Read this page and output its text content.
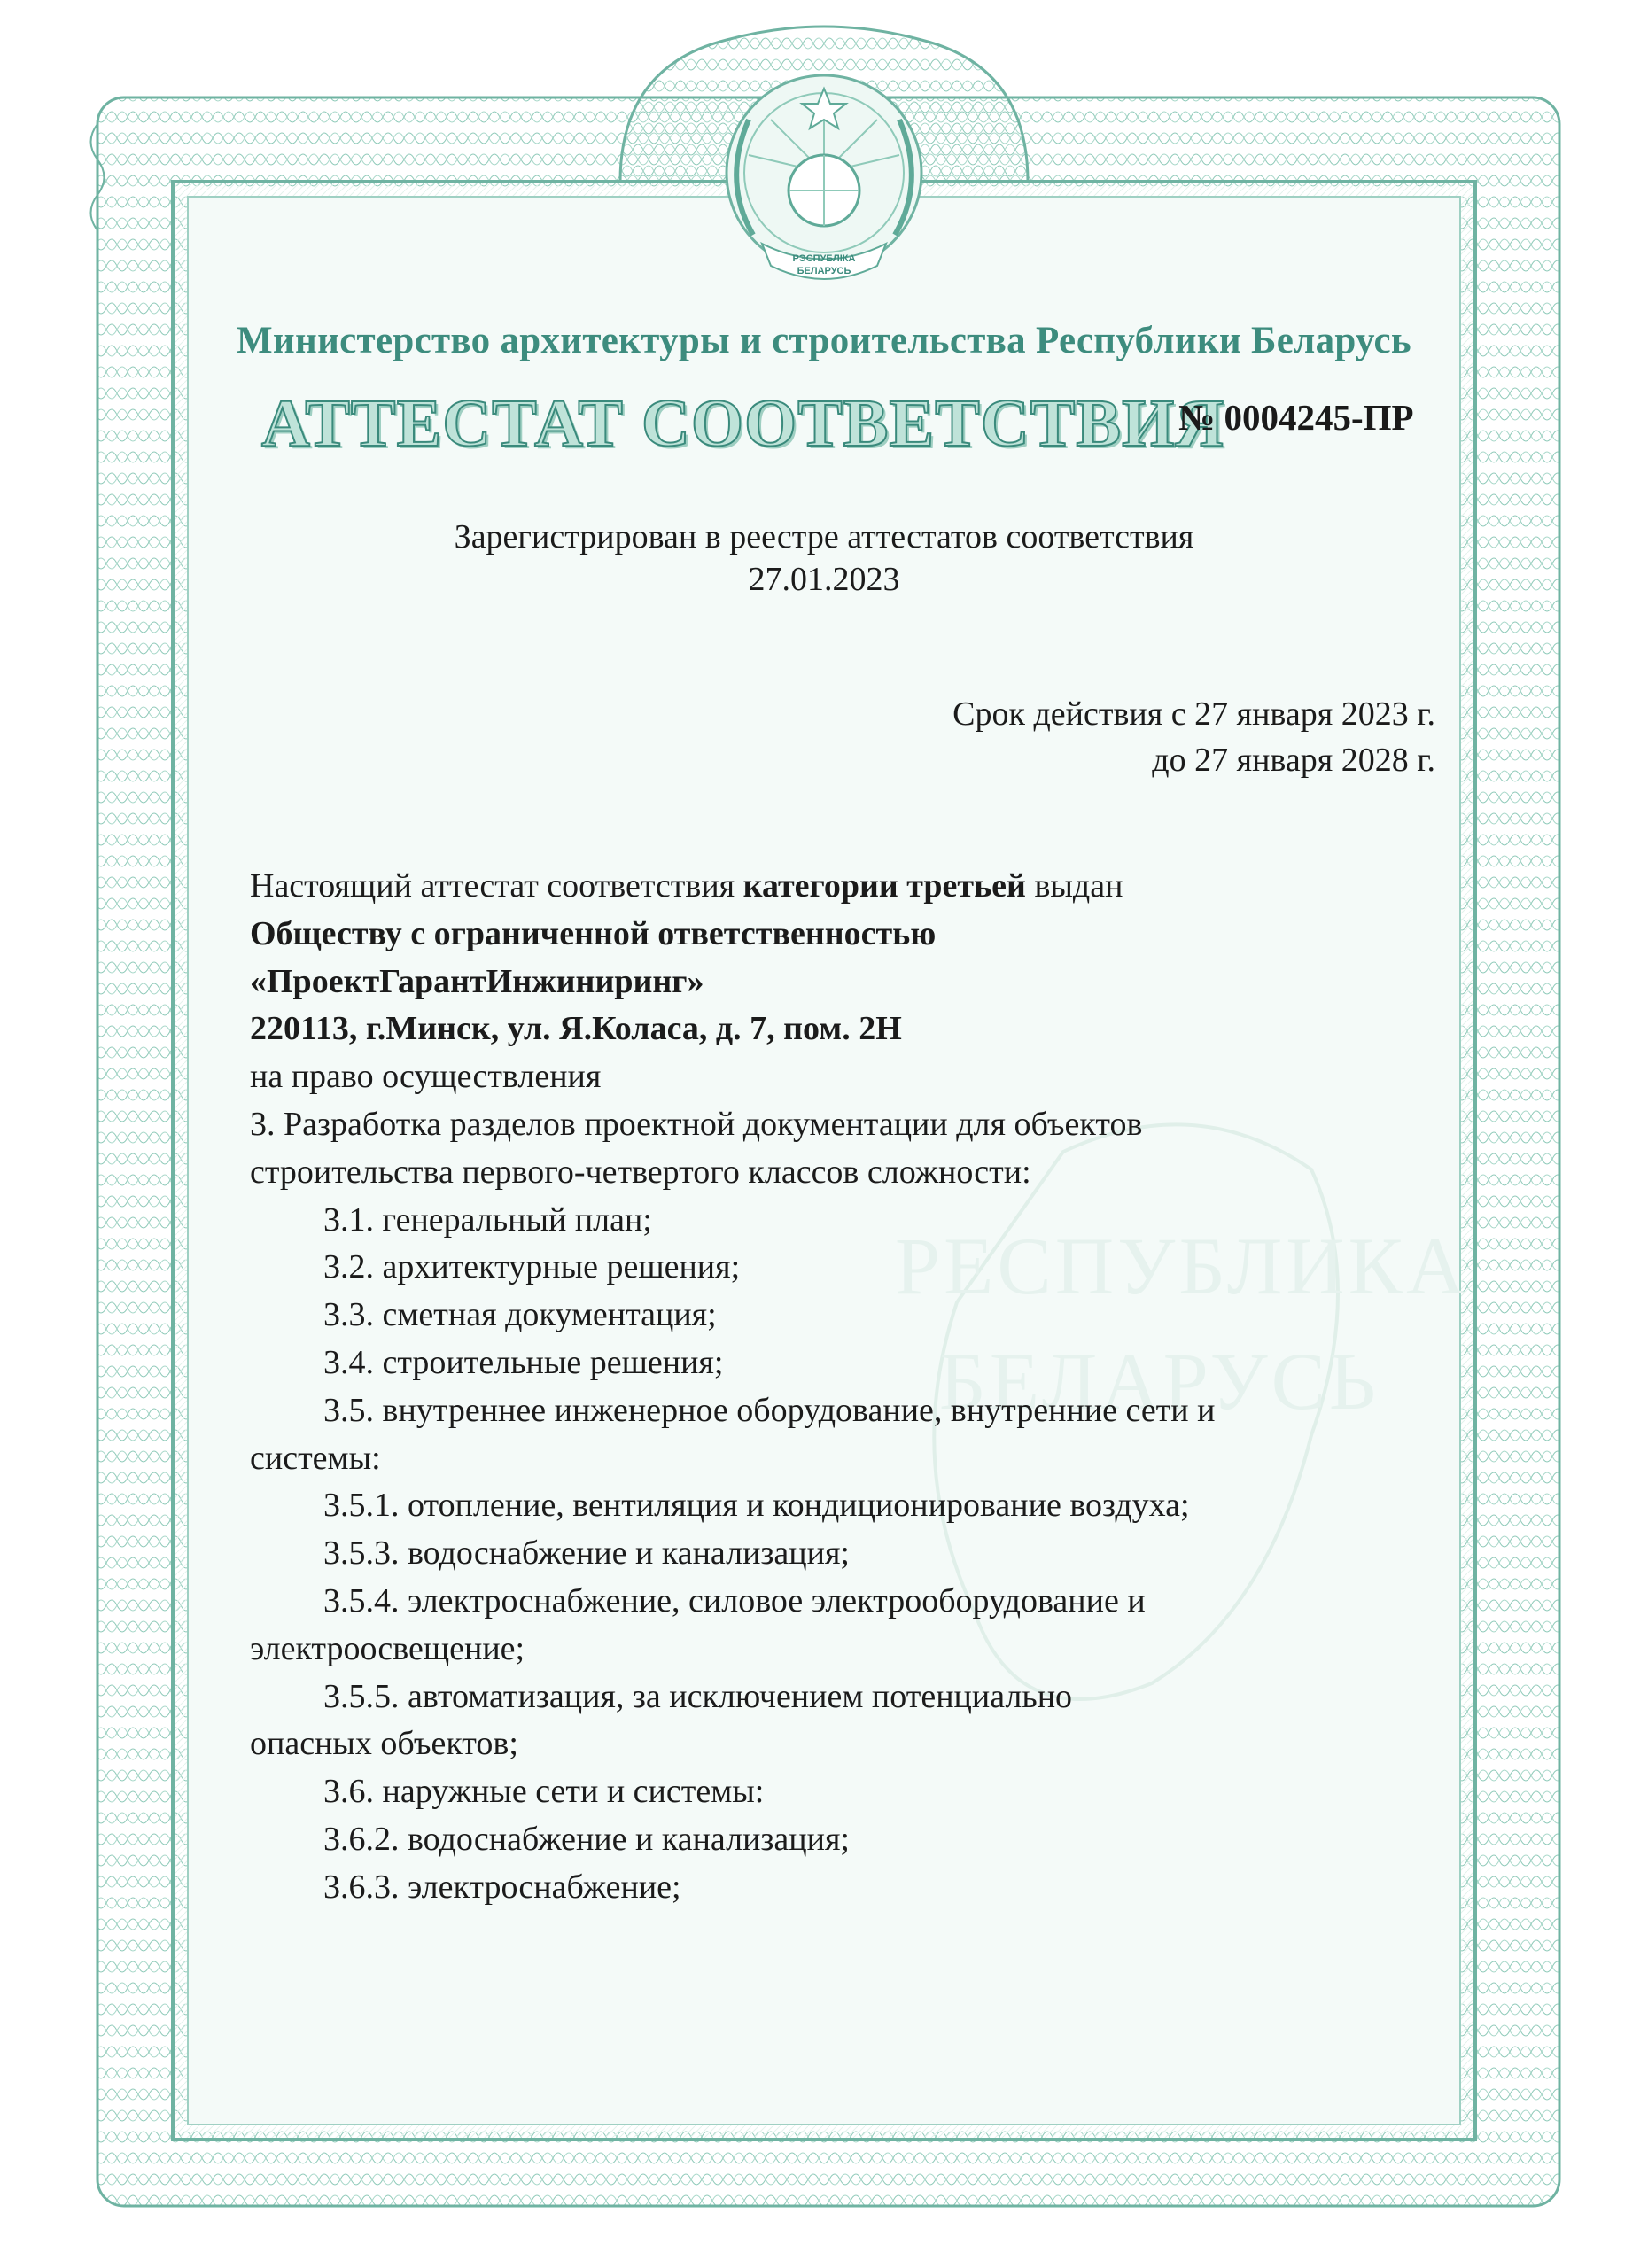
РЭСПУБЛІКА
БЕЛАРУСЬ
РЕСПУБЛИКА
БЕЛАРУСЬ
Министерство архитектуры и строительства Республики Беларусь
АТТЕСТАТ СООТВЕТСТВИЯ
№ 0004245-ПР
Зарегистрирован в реестре аттестатов соответствия
27.01.2023
Срок действия с 27 января 2023 г.
до 27 января 2028 г.
Настоящий аттестат соответствия категории третьей выдан
Обществу с ограниченной ответственностью
«ПроектГарантИнжиниринг»
220113, г.Минск, ул. Я.Коласа, д. 7, пом. 2Н
на право осуществления
3. Разработка разделов проектной документации для объектов
строительства первого-четвертого классов сложности:
3.1. генеральный план;
3.2. архитектурные решения;
3.3. сметная документация;
3.4. строительные решения;
3.5. внутреннее инженерное оборудование, внутренние сети и
системы:
3.5.1. отопление, вентиляция и кондиционирование воздуха;
3.5.3. водоснабжение и канализация;
3.5.4. электроснабжение, силовое электрооборудование и
электроосвещение;
3.5.5. автоматизация, за исключением потенциально
опасных объектов;
3.6. наружные сети и системы:
3.6.2. водоснабжение и канализация;
3.6.3. электроснабжение;
